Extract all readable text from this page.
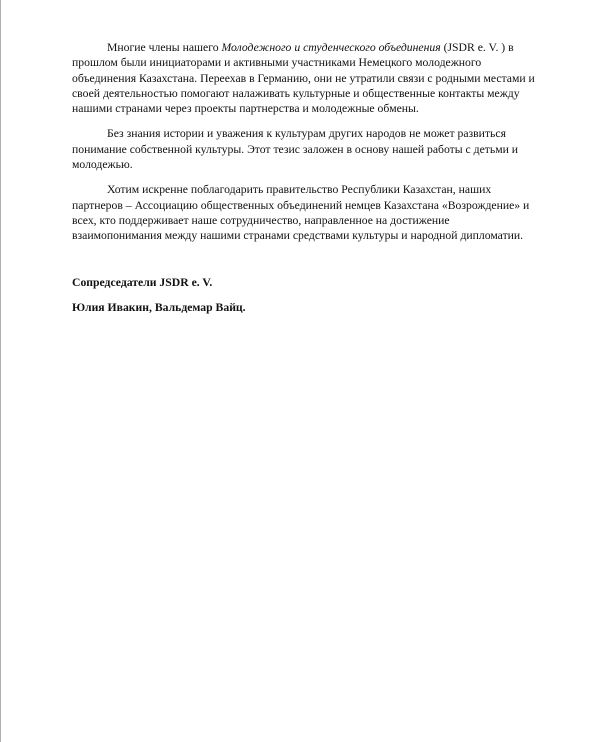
Многие члены нашего Молодежного и студенческого объединения (JSDR e. V. ) в прошлом были инициаторами и активными участниками Немецкого молодежного объединения Казахстана. Переехав в Германию, они не утратили связи с родными местами и своей деятельностью помогают налаживать культурные и общественные контакты между нашими странами через проекты партнерства и молодежные обмены.

Без знания истории и уважения к культурам других народов не может развиться понимание собственной культуры. Этот тезис заложен в основу нашей работы с детьми и молодежью.

Хотим искренне поблагодарить правительство Республики Казахстан, наших партнеров – Ассоциацию общественных объединений немцев Казахстана «Возрождение» и всех, кто поддерживает наше сотрудничество, направленное на достижение взаимопонимания между нашими странами средствами культуры и народной дипломатии.

Сопредседатели JSDR e. V.

Юлия Ивакин, Вальдемар Вайц.
